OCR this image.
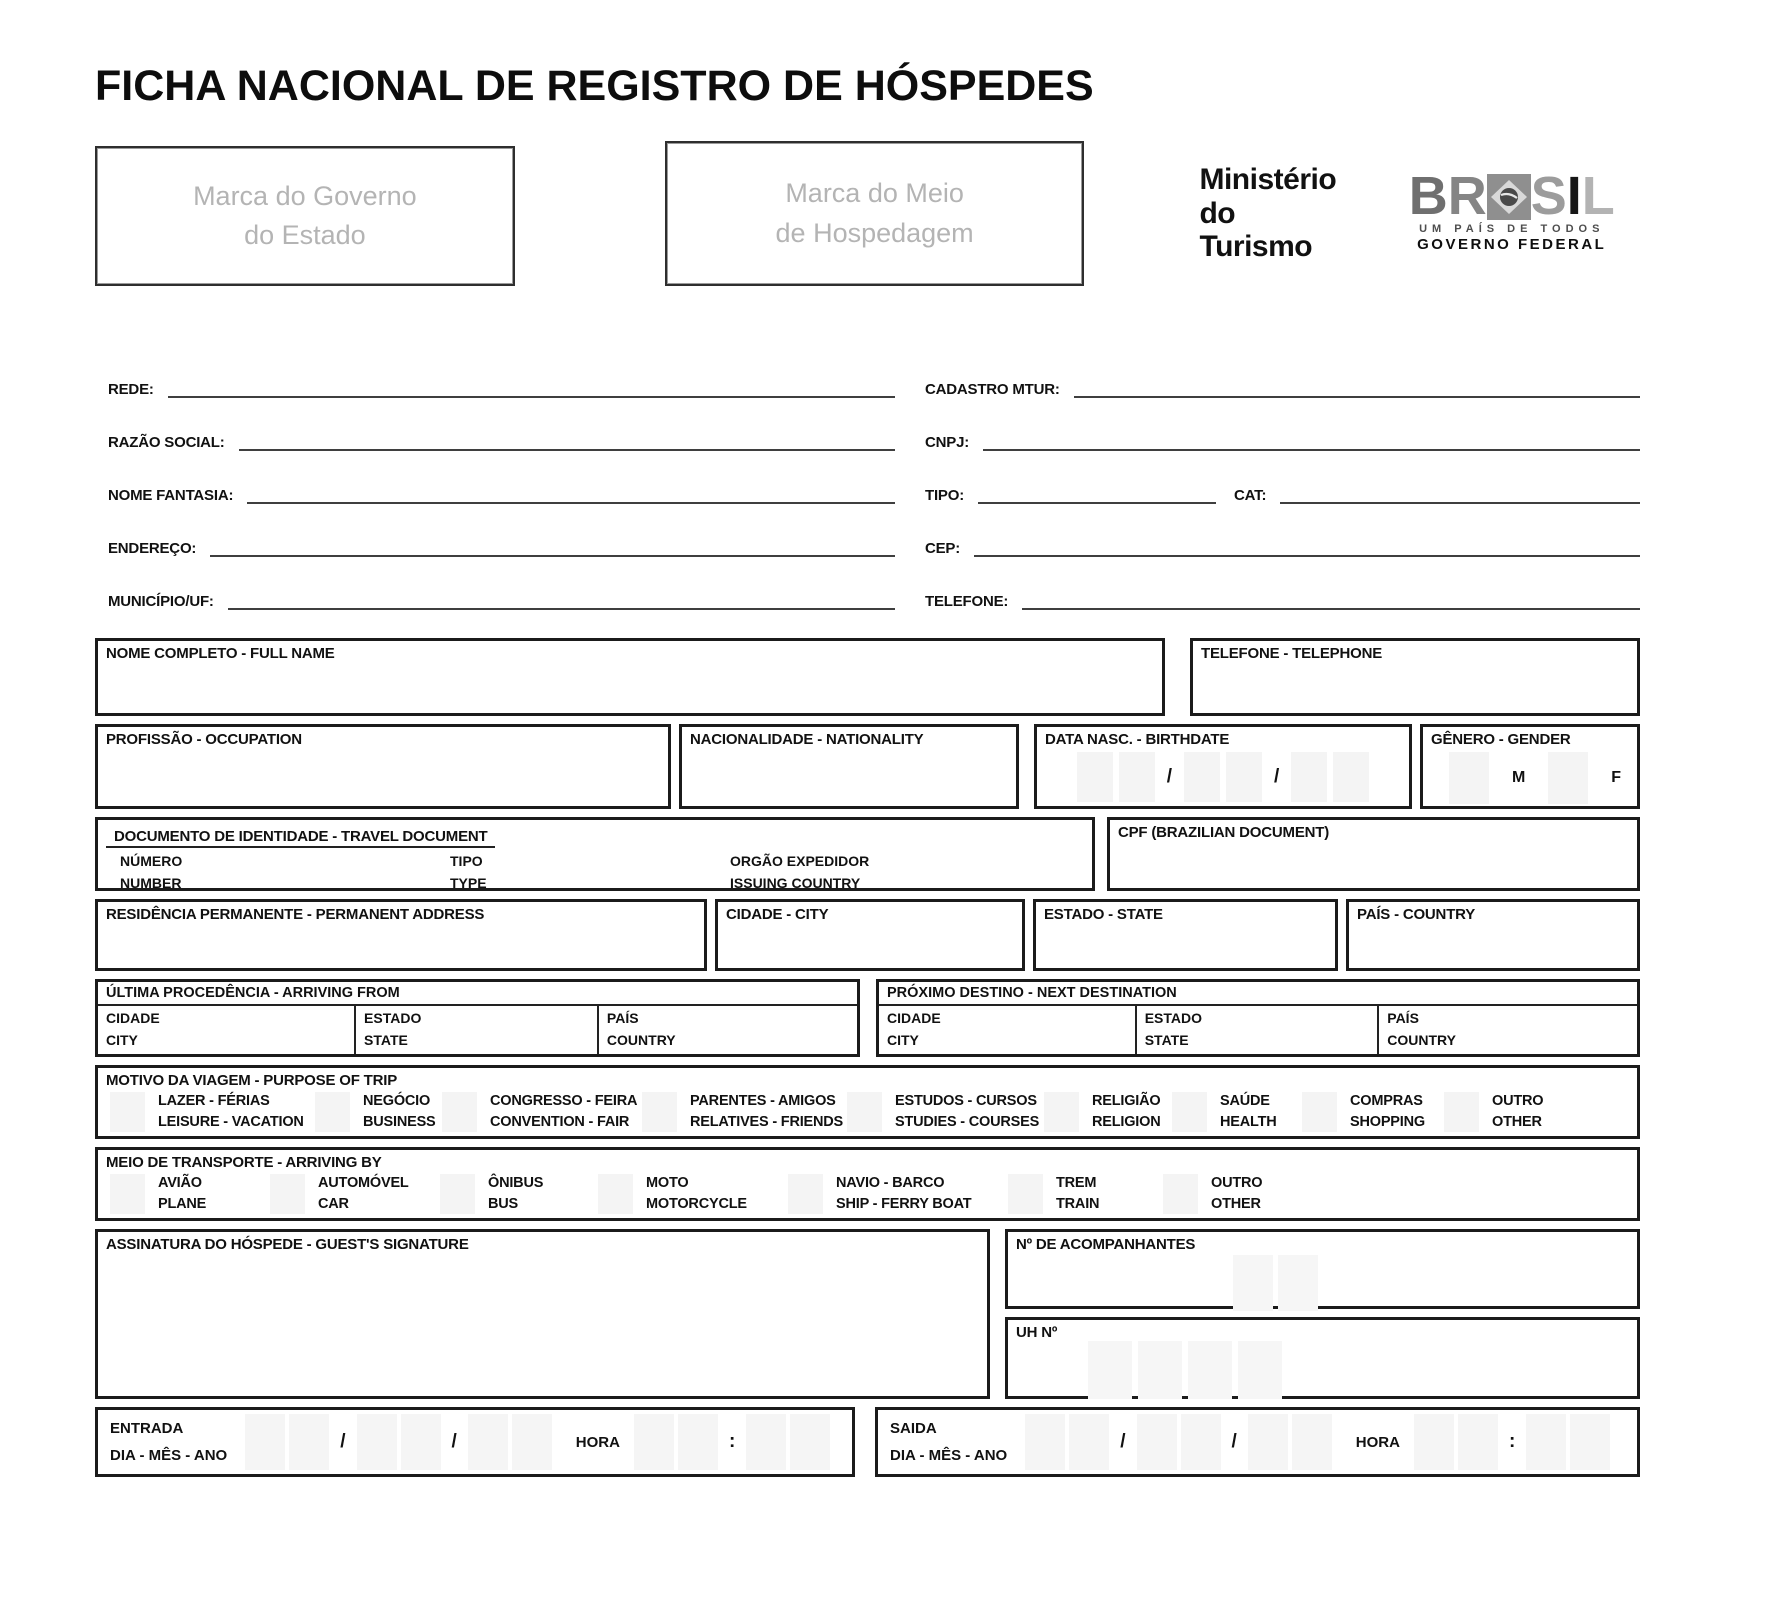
FICHA NACIONAL DE REGISTRO DE HÓSPEDES
Marca do Governo
do Estado
Marca do Meio
de Hospedagem
Ministério
do Turismo
B R S I L
UM PAÍS DE TODOS
GOVERNO FEDERAL
REDE:	CADASTRO MTUR:
RAZÃO SOCIAL:	CNPJ:
NOME FANTASIA:	TIPO:	CAT:
ENDEREÇO:	CEP:
MUNICÍPIO/UF:	TELEFONE:
NOME COMPLETO - FULL NAME	TELEFONE - TELEPHONE
PROFISSÃO - OCCUPATION	NACIONALIDADE - NATIONALITY	DATA NASC. - BIRTHDATE
/	/
GÊNERO - GENDER
M	F
DOCUMENTO DE IDENTIDADE - TRAVEL DOCUMENT
NÚMERO
NUMBER
TIPO
TYPE
ORGÃO EXPEDIDOR
ISSUING COUNTRY
CPF (BRAZILIAN DOCUMENT)
RESIDÊNCIA PERMANENTE - PERMANENT ADDRESS	CIDADE - CITY	ESTADO - STATE	PAÍS - COUNTRY
ÚLTIMA PROCEDÊNCIA - ARRIVING FROM
CIDADE
CITY
ESTADO
STATE
PAÍS
COUNTRY
PRÓXIMO DESTINO - NEXT DESTINATION
CIDADE
CITY
ESTADO
STATE
PAÍS
COUNTRY
MOTIVO DA VIAGEM - PURPOSE OF TRIP
LAZER - FÉRIAS
LEISURE - VACATION
NEGÓCIO
BUSINESS
CONGRESSO - FEIRA
CONVENTION - FAIR
PARENTES - AMIGOS
RELATIVES - FRIENDS
ESTUDOS - CURSOS
STUDIES - COURSES
RELIGIÃO
RELIGION
SAÚDE
HEALTH
COMPRAS
SHOPPING
OUTRO
OTHER
MEIO DE TRANSPORTE - ARRIVING BY
AVIÃO
PLANE
AUTOMÓVEL
CAR
ÔNIBUS
BUS
MOTO
MOTORCYCLE
NAVIO - BARCO
SHIP - FERRY BOAT
TREM
TRAIN
OUTRO
OTHER
ASSINATURA DO HÓSPEDE - GUEST'S SIGNATURE	Nº DE ACOMPANHANTES
UH Nº
ENTRADA
DIA - MÊS - ANO
/	/	HORA	:
SAIDA
DIA - MÊS - ANO
/	/	HORA	:
